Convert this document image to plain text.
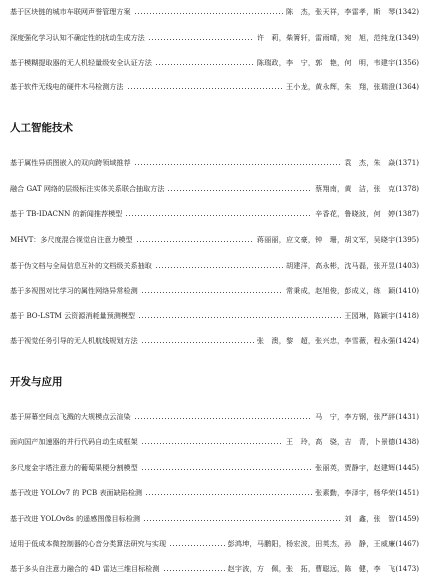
基于区块链的城市车联网声誉管理方案	陈　杰，张天祥，李雷孝，斯　琴 (1342)
深度强化学习认知不确定性的扰动生成方法	许　莉，柴箐轩，雷雨晴，宛　旭，范纯龙 (1349)
基于模糊提取器的无人机轻量级安全认证方法	陈瑞政，李　宁，郭　艳，何　明，韦建宇 (1356)
基于软件无线电的硬件木马检测方法	王小龙，黄永辉，朱　翔，张瑞澄 (1364)
人工智能技术
基于属性异质图嵌入的双向跨领域推荐	袁　杰，朱　焱 (1371)
融合 GAT 网络的层级标注实体关系联合抽取方法	蔡翔南，黄　洁，张　克 (1378)
基于 TB-IDACNN 的新闻推荐模型	辛香花，鲁晓波，何　婷 (1387)
MHVT：多尺度混合视觉自注意力模型	蒋丽丽，应文豪，钟　珊，胡文军，吴晓宇 (1395)
基于伪文档与全局信息互补的文档级关系抽取	胡建洋，高永彬，沈马磊，张开昱 (1403)
基于多视图对比学习的属性网络异常检测	常秉成，赵旭俊，彭成义，练　颖 (1410)
基于 BO-LSTM 云资源消耗量预测模型	王园琳，陈颖宇 (1418)
基于视觉任务引导的无人机航线规划方法	张　澳，黎　超，张兴忠，李雪薇，程永强 (1424)
开发与应用
基于屏幕空间点飞溅的大规模点云渲染	马　宁，李方钢，张严辞 (1431)
面向国产加速器的并行代码自动生成框架	王　玲，高　骁，吉　青，卜景德 (1438)
多尺度金字塔注意力的葡萄果梗分割模型	张丽英，贾静宇，赵建辉 (1445)
基于改进 YOLOv7 的 PCB 表面缺陷检测	张素勤，李泽宇，杨华荣 (1451)
基于改进 YOLOv8s 的遥感图像目标检测	刘　鑫，张　智 (1459)
适用于低成本微控制器的心音分类算法研究与实现	彭鸿坤，马鹏阳，杨宏波，田英杰，孙　静，王威廉 (1467)
基于多头自注意力融合的 4D 雷达三维目标检测	赵宇波，方　佩，张　拓，曹聪远，陈　健，李　飞 (1473)
